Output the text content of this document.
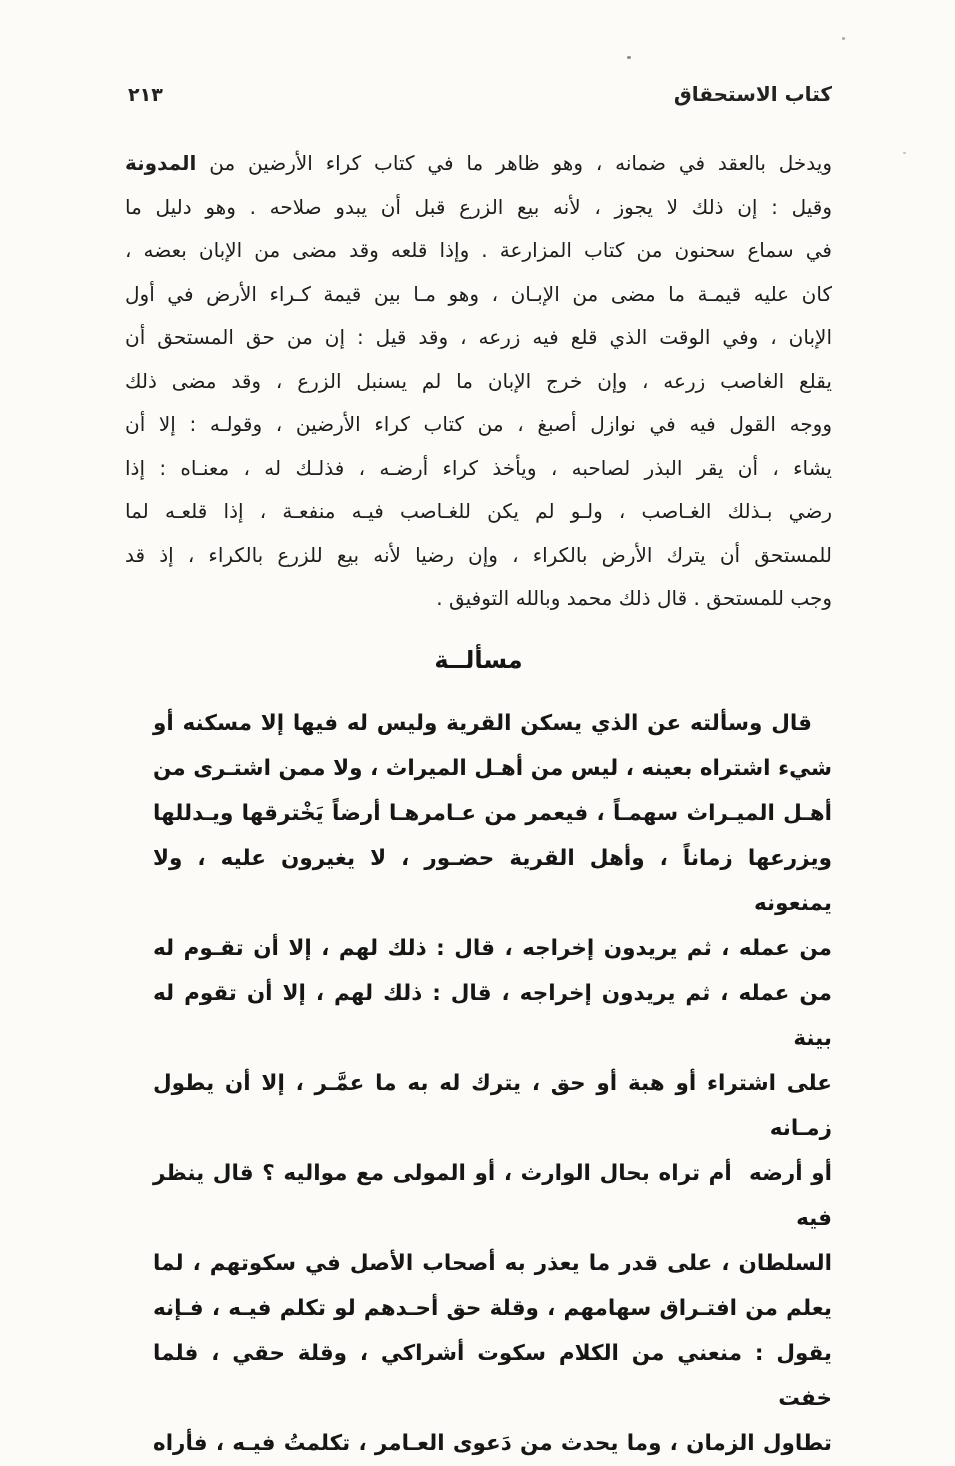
كتاب الاستحقاق
٢١٣
ويدخل بالعقد في ضمانه ، وهو ظاهر ما في كتاب كراء الأرضين من المدونة
وقيل : إن ذلك لا يجوز ، لأنه بيع الزرع قبل أن يبدو صلاحه . وهو دليل ما
في سماع سحنون من كتاب المزارعة . وإذا قلعه وقد مضى من الإبان بعضه ،
كان عليه قيمـة ما مضى من الإبـان ، وهو مـا بين قيمة كـراء الأرض في أول
الإبان ، وفي الوقت الذي قلع فيه زرعه ، وقد قيل : إن من حق المستحق أن
يقلع الغاصب زرعه ، وإن خرج الإبان ما لم يسنبل الزرع ، وقد مضى ذلك
ووجه القول فيه في نوازل أصبغ ، من كتاب كراء الأرضين ، وقولـه : إلا أن
يشاء ، أن يقر البذر لصاحبه ، ويأخذ كراء أرضـه ، فذلـك له ، معنـاه : إذا
رضي بـذلك الغـاصب ، ولـو لم يكن للغـاصب فيـه منفعـة ، إذا قلعـه لما
للمستحق أن يترك الأرض بالكراء ، وإن رضيا لأنه بيع للزرع بالكراء ، إذ قد
وجب للمستحق . قال ذلك محمد وبالله التوفيق .
مسألــة
قال وسألته عن الذي يسكن القرية وليس له فيها إلا مسكنه أو
شيء اشتراه بعينه ، ليس من أهـل الميراث ، ولا ممن اشتـرى من
أهـل الميـراث سهمـاً ، فيعمر من عـامرهـا أرضاً يَخْترقها ويـدللها
ويزرعها زماناً ، وأهل القرية حضـور ، لا يغيرون عليه ، ولا يمنعونه
من عمله ، ثم يريدون إخراجه ، قال : ذلك لهم ، إلا أن تقـوم له
من عمله ، ثم يريدون إخراجه ، قال : ذلك لهم ، إلا أن تقوم له بينة
على اشتراء أو هبة أو حق ، يترك له به ما عمَّـر ، إلا أن يطول زمـانه
أو أرضه ‏ أم تراه بحال الوارث ، أو المولى مع مواليه ؟ قال ينظر فيه
السلطان ، على قدر ما يعذر به أصحاب الأصل في سكوتهم ، لما
يعلم من افتـراق سهامهم ، وقلة حق أحـدهم لو تكلم فيـه ، فـإنه
يقول : منعني من الكلام سكوت أشراكي ، وقلة حقي ، فلما خفت
تطاول الزمان ، وما يحدث من دَعوى العـامر ، تكلمتُ فيـه ، فأراه
